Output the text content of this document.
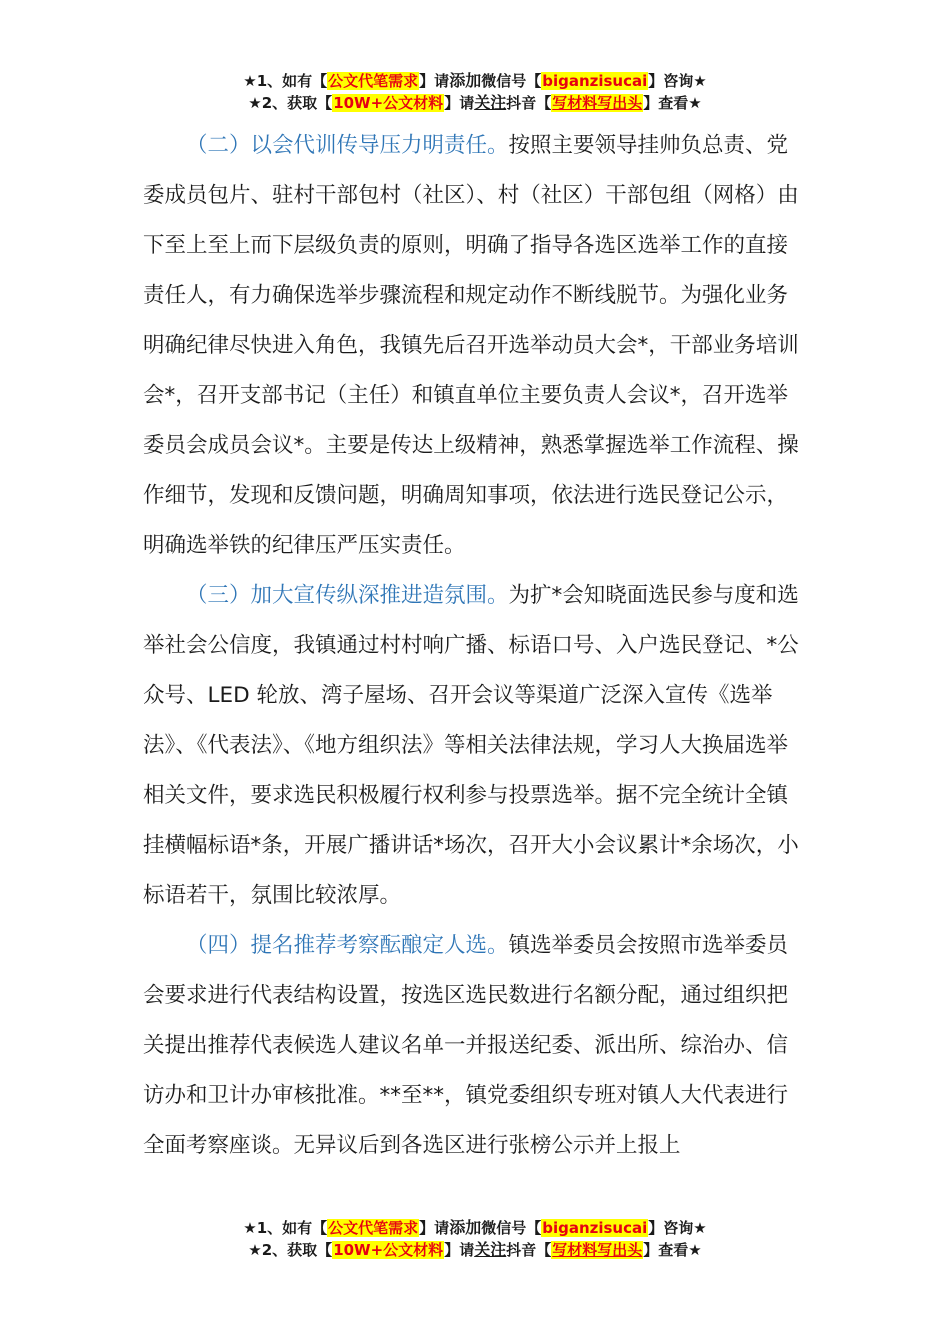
★1、如有【公文代笔需求】请添加微信号【biganzisucai】咨询★
★2、获取【10W+公文材料】请关注抖音【写材料写出头】查看★

（二）以会代训传导压力明责任。按照主要领导挂帅负总责、党委成员包片、驻村干部包村（社区）、村（社区）干部包组（网格）由下至上至上而下层级负责的原则，明确了指导各选区选举工作的直接责任人，有力确保选举步骤流程和规定动作不断线脱节。为强化业务明确纪律尽快进入角色，我镇先后召开选举动员大会*，干部业务培训会*，召开支部书记（主任）和镇直单位主要负责人会议*，召开选举委员会成员会议*。主要是传达上级精神，熟悉掌握选举工作流程、操作细节，发现和反馈问题，明确周知事项，依法进行选民登记公示，明确选举铁的纪律压严压实责任。

（三）加大宣传纵深推进造氛围。为扩*会知晓面选民参与度和选举社会公信度，我镇通过村村响广播、标语口号、入户选民登记、*公众号、LED 轮放、湾子屋场、召开会议等渠道广泛深入宣传《选举法》、《代表法》、《地方组织法》等相关法律法规，学习人大换届选举相关文件，要求选民积极履行权利参与投票选举。据不完全统计全镇挂横幅标语*条，开展广播讲话*场次，召开大小会议累计*余场次，小标语若干，氛围比较浓厚。

（四）提名推荐考察酝酿定人选。镇选举委员会按照市选举委员会要求进行代表结构设置，按选区选民数进行名额分配，通过组织把关提出推荐代表候选人建议名单一并报送纪委、派出所、综治办、信访办和卫计办审核批准。**至**，镇党委组织专班对镇人大代表进行全面考察座谈。无异议后到各选区进行张榜公示并上报上

★1、如有【公文代笔需求】请添加微信号【biganzisucai】咨询★
★2、获取【10W+公文材料】请关注抖音【写材料写出头】查看★
